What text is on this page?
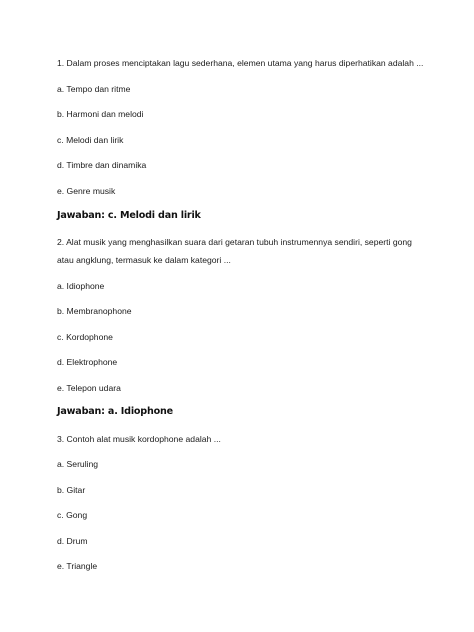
1. Dalam proses menciptakan lagu sederhana, elemen utama yang harus diperhatikan adalah ...
a. Tempo dan ritme
b. Harmoni dan melodi
c. Melodi dan lirik
d. Timbre dan dinamika
e. Genre musik
Jawaban: c. Melodi dan lirik
2. Alat musik yang menghasilkan suara dari getaran tubuh instrumennya sendiri, seperti gong
atau angklung, termasuk ke dalam kategori ...
a. Idiophone
b. Membranophone
c. Kordophone
d. Elektrophone
e. Telepon udara
Jawaban: a. Idiophone
3. Contoh alat musik kordophone adalah ...
a. Seruling
b. Gitar
c. Gong
d. Drum
e. Triangle
